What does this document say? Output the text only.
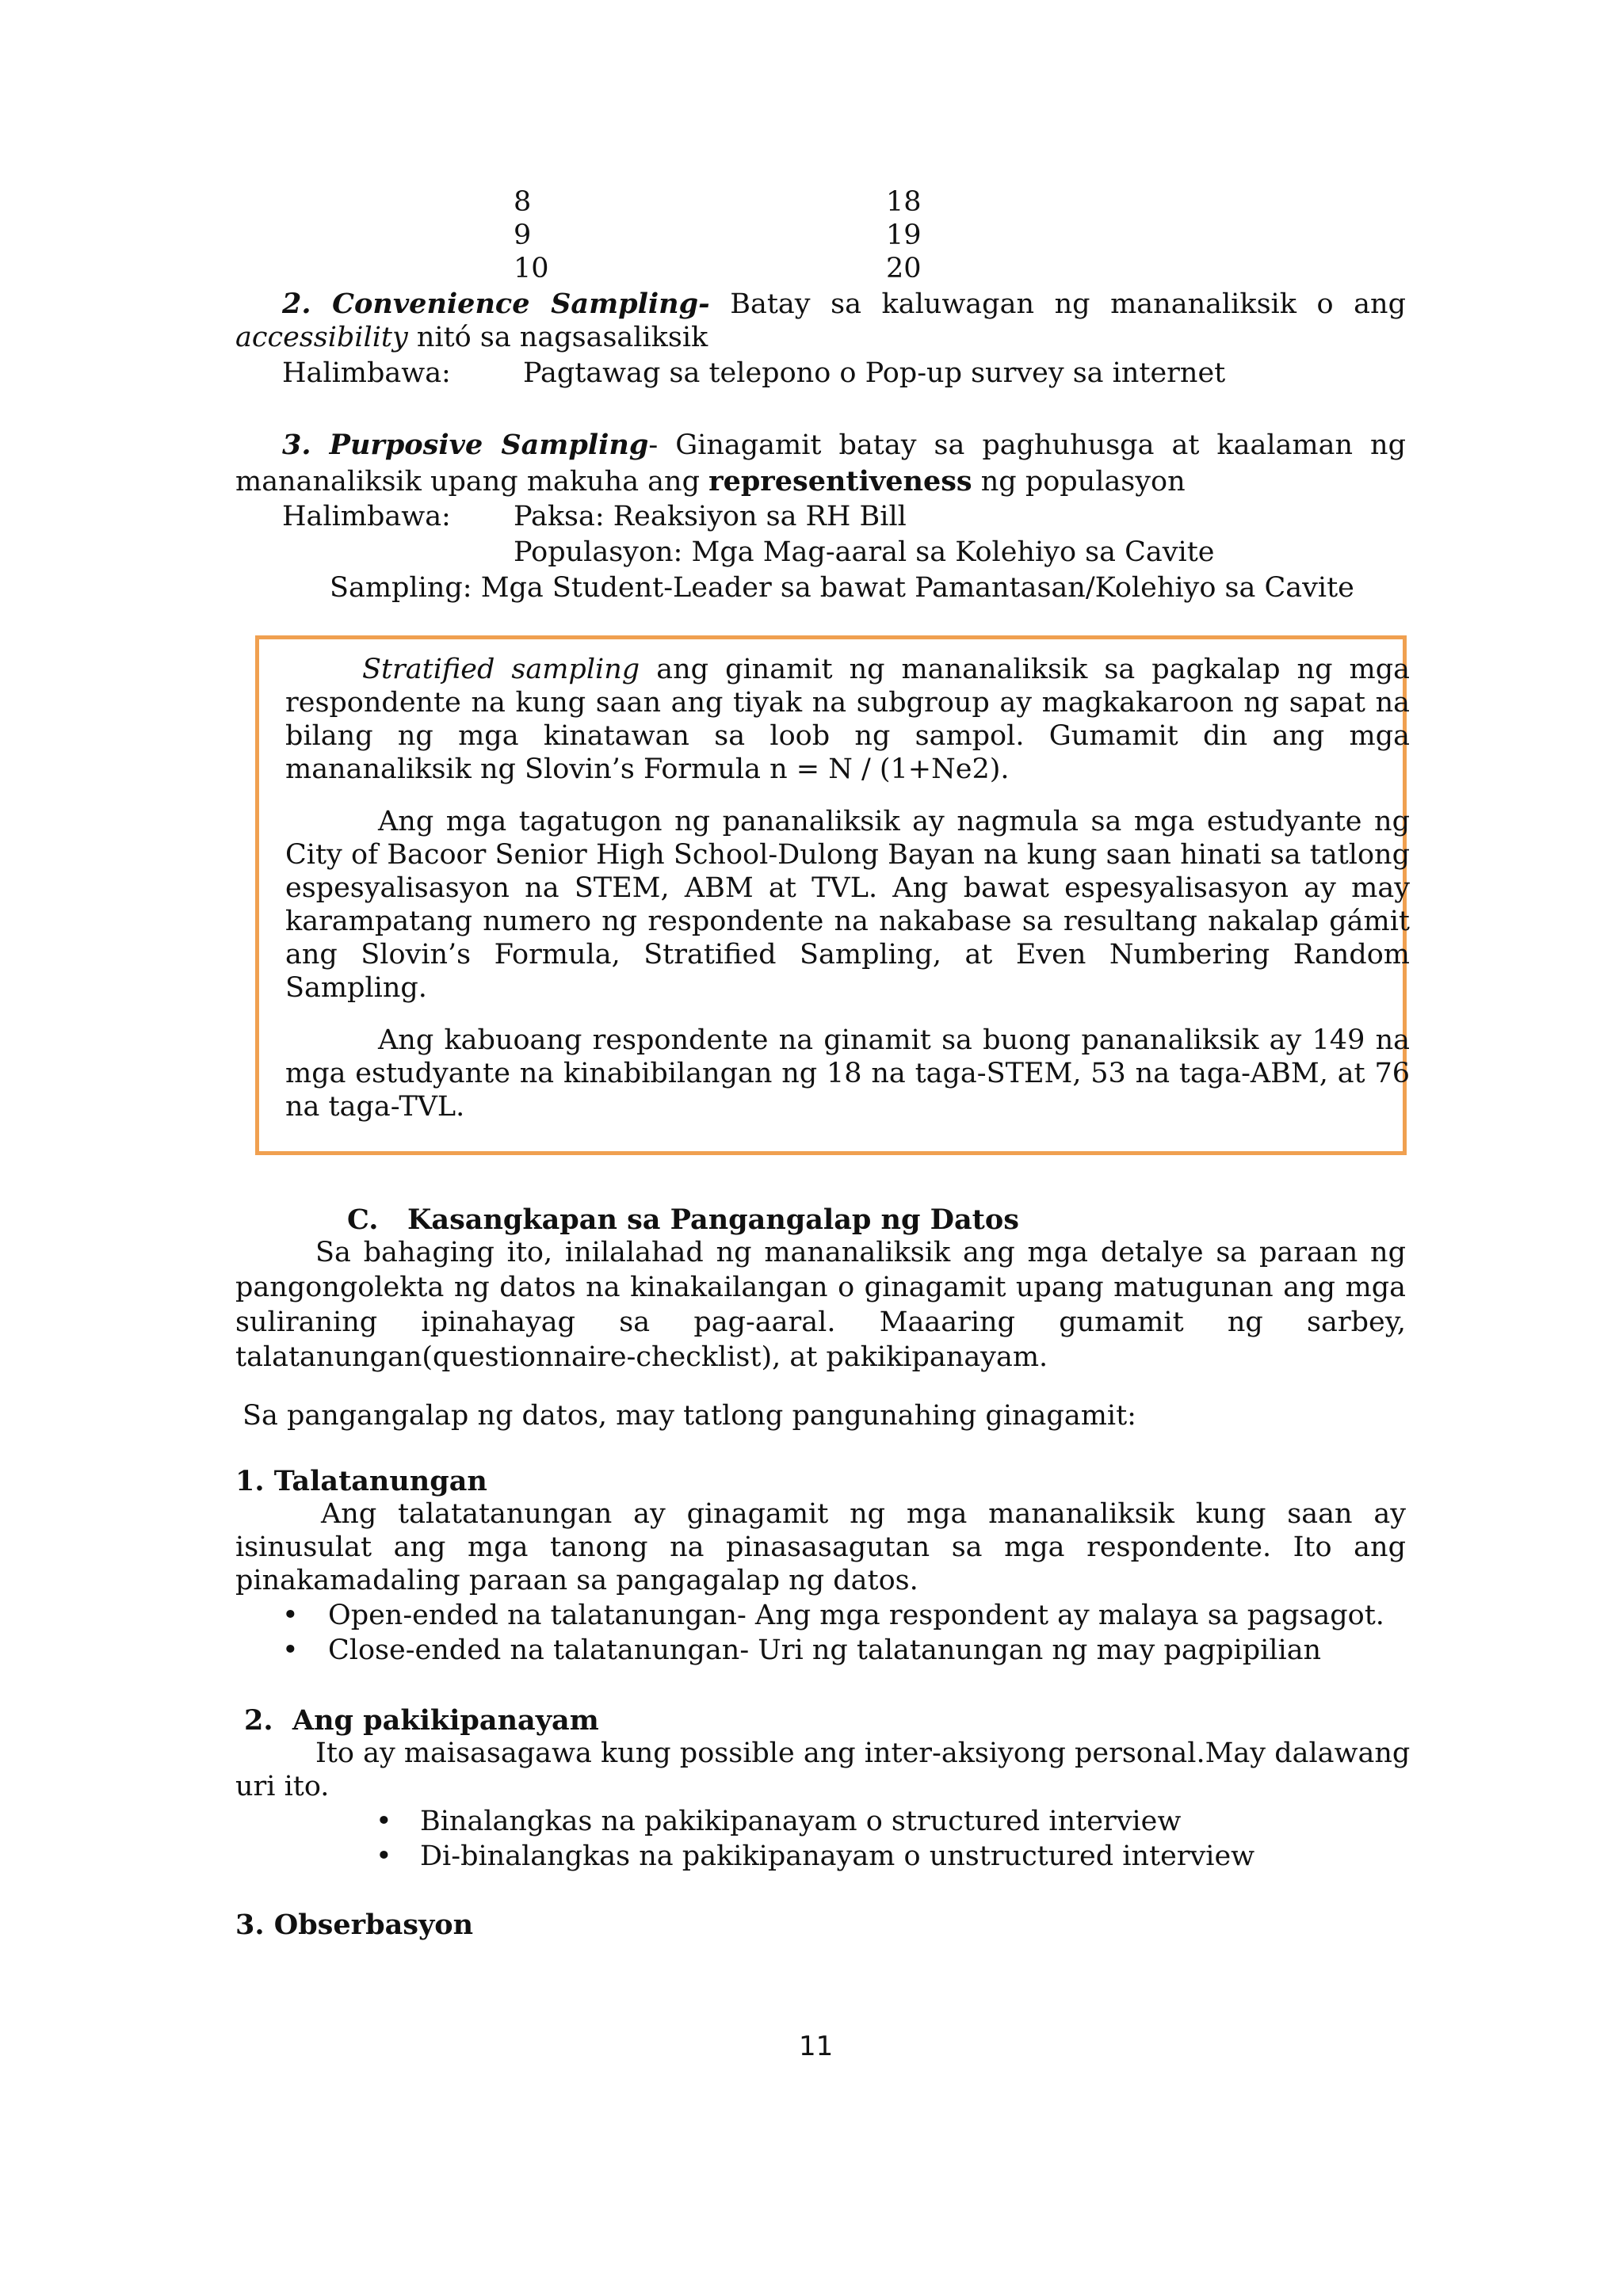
8
9
10
18
19
20
2. Convenience Sampling- Batay sa kaluwagan ng mananaliksik o ang
accessibility nitó sa nagsasaliksik
Halimbawa:	Pagtawag sa telepono o Pop-up survey sa internet
3. Purposive Sampling- Ginagamit batay sa paghuhusga at kaalaman ng
mananaliksik upang makuha ang representiveness ng populasyon
Halimbawa: Paksa: Reaksiyon sa RH Bill
Populasyon: Mga Mag-aaral sa Kolehiyo sa Cavite
Sampling: Mga Student-Leader sa bawat Pamantasan/Kolehiyo sa Cavite
Stratified sampling ang ginamit ng mananaliksik sa pagkalap ng mga
respondente na kung saan ang tiyak na subgroup ay magkakaroon ng sapat na
bilang ng mga kinatawan sa loob ng sampol. Gumamit din ang mga
mananaliksik ng Slovin’s Formula n = N / (1+Ne2).
Ang mga tagatugon ng pananaliksik ay nagmula sa mga estudyante ng
City of Bacoor Senior High School-Dulong Bayan na kung saan hinati sa tatlong
espesyalisasyon na STEM, ABM at TVL. Ang bawat espesyalisasyon ay may
karampatang numero ng respondente na nakabase sa resultang nakalap gámit
ang Slovin’s Formula, Stratified Sampling, at Even Numbering Random
Sampling.
Ang kabuoang respondente na ginamit sa buong pananaliksik ay 149 na
mga estudyante na kinabibilangan ng 18 na taga-STEM, 53 na taga-ABM, at 76
na taga-TVL.
C.   Kasangkapan sa Pangangalap ng Datos
Sa bahaging ito, inilalahad ng mananaliksik ang mga detalye sa paraan ng
pangongolekta ng datos na kinakailangan o ginagamit upang matugunan ang mga
suliraning ipinahayag sa pag-aaral. Maaaring gumamit ng sarbey,
talatanungan(questionnaire-checklist), at pakikipanayam.
Sa pangangalap ng datos, may tatlong pangunahing ginagamit:
1. Talatanungan
Ang talatatanungan ay ginagamit ng mga mananaliksik kung saan ay
isinusulat ang mga tanong na pinasasagutan sa mga respondente. Ito ang
pinakamadaling paraan sa pangagalap ng datos.
• Open-ended na talatanungan- Ang mga respondent ay malaya sa pagsagot.
• Close-ended na talatanungan- Uri ng talatanungan ng may pagpipilian
2.  Ang pakikipanayam
Ito ay maisasagawa kung possible ang inter-aksiyong personal.May dalawang
uri ito.
• Binalangkas na pakikipanayam o structured interview
• Di-binalangkas na pakikipanayam o unstructured interview
3. Obserbasyon
11
